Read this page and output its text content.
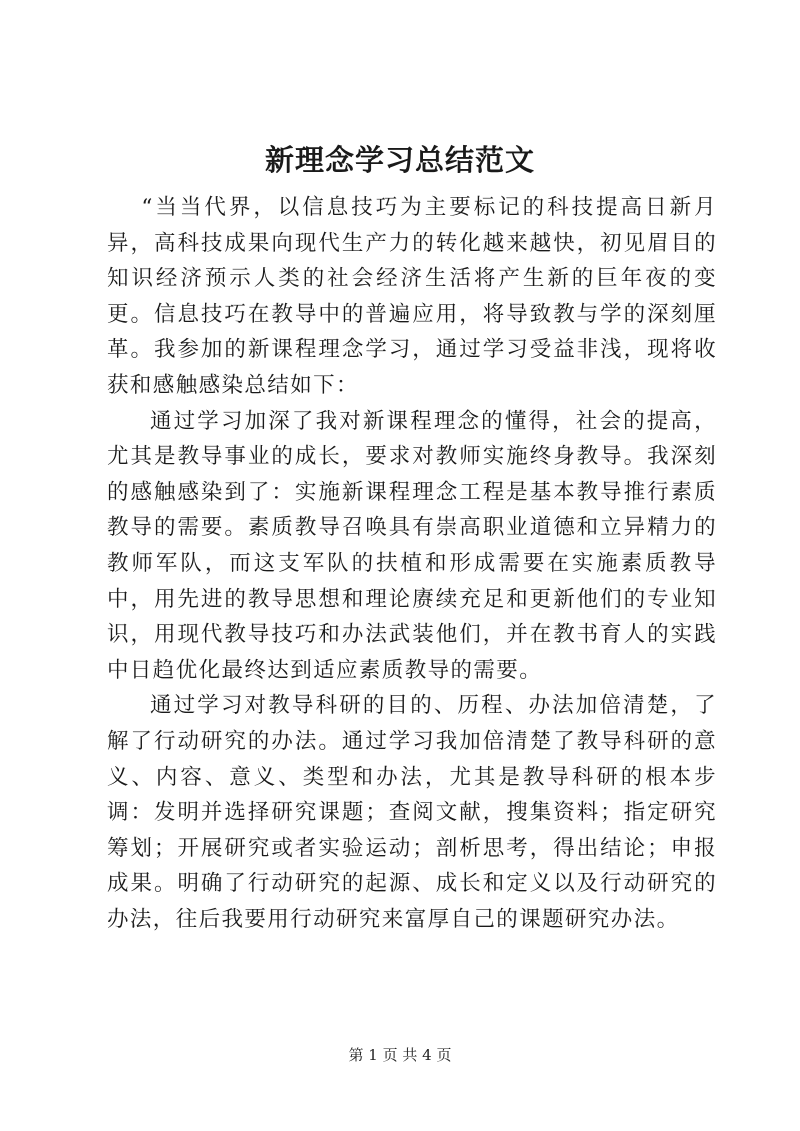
新理念学习总结范文

“当当代界，以信息技巧为主要标记的科技提高日新月异，高科技成果向现代生产力的转化越来越快，初见眉目的知识经济预示人类的社会经济生活将产生新的巨年夜的变更。信息技巧在教导中的普遍应用，将导致教与学的深刻厘革。我参加的新课程理念学习，通过学习受益非浅，现将收获和感触感染总结如下：

通过学习加深了我对新课程理念的懂得，社会的提高，尤其是教导事业的成长，要求对教师实施终身教导。我深刻的感触感染到了：实施新课程理念工程是基本教导推行素质教导的需要。素质教导召唤具有崇高职业道德和立异精力的教师军队，而这支军队的扶植和形成需要在实施素质教导中，用先进的教导思想和理论赓续充足和更新他们的专业知识，用现代教导技巧和办法武装他们，并在教书育人的实践中日趋优化最终达到适应素质教导的需要。

通过学习对教导科研的目的、历程、办法加倍清楚，了解了行动研究的办法。通过学习我加倍清楚了教导科研的意义、内容、意义、类型和办法，尤其是教导科研的根本步调：发明并选择研究课题；查阅文献，搜集资料；指定研究筹划；开展研究或者实验运动；剖析思考，得出结论；申报成果。明确了行动研究的起源、成长和定义以及行动研究的办法，往后我要用行动研究来富厚自己的课题研究办法。

第 1 页 共 4 页
